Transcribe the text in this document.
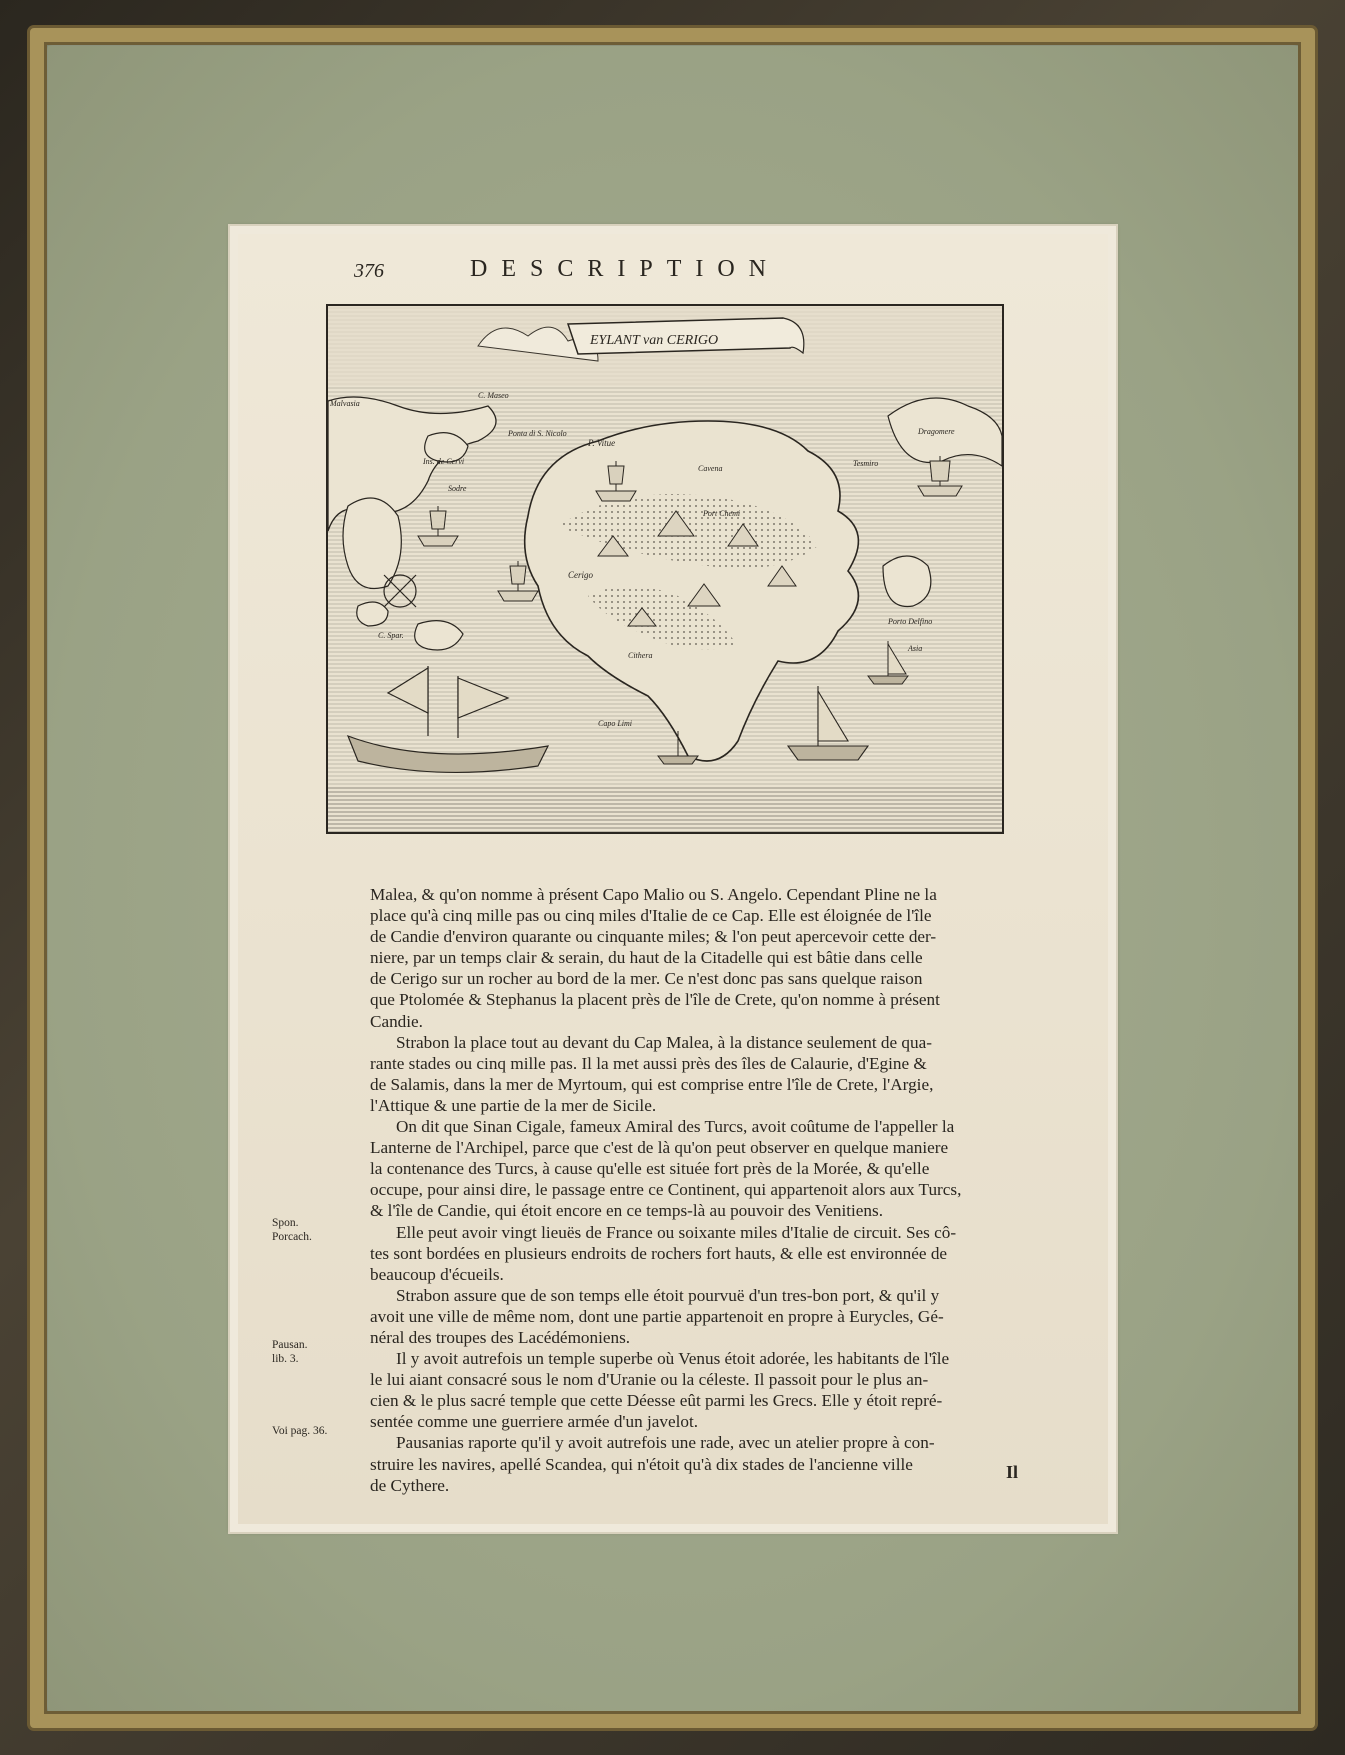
376	DESCRIPTION
EYLANT van CERIGO
Malvasia
C. Maseo
Ponta di S. Nicolo
P. Vitue
Ins. de Cervi
Sodre
Cavena
Tesmiro
Dragomere
Port Chemi
Cerigo
C. Spar.
Porto Delfino
Asia
Cithera
Capo Limi

Malea, & qu'on nomme à présent Capo Malio ou S. Angelo. Cependant Pline ne la

place qu'à cinq mille pas ou cinq miles d'Italie de ce Cap. Elle est éloignée de l'île

de Candie d'environ quarante ou cinquante miles; & l'on peut apercevoir cette der-

niere, par un temps clair & serain, du haut de la Citadelle qui est bâtie dans celle

de Cerigo sur un rocher au bord de la mer. Ce n'est donc pas sans quelque raison

que Ptolomée & Stephanus la placent près de l'île de Crete, qu'on nomme à présent

Candie.

Strabon la place tout au devant du Cap Malea, à la distance seulement de qua-

rante stades ou cinq mille pas. Il la met aussi près des îles de Calaurie, d'Egine &

de Salamis, dans la mer de Myrtoum, qui est comprise entre l'île de Crete, l'Argie,

l'Attique & une partie de la mer de Sicile.

On dit que Sinan Cigale, fameux Amiral des Turcs, avoit coûtume de l'appeller la

Lanterne de l'Archipel, parce que c'est de là qu'on peut observer en quelque maniere

la contenance des Turcs, à cause qu'elle est située fort près de la Morée, & qu'elle

occupe, pour ainsi dire, le passage entre ce Continent, qui appartenoit alors aux Turcs,

& l'île de Candie, qui étoit encore en ce temps-là au pouvoir des Venitiens.

Elle peut avoir vingt lieuës de France ou soixante miles d'Italie de circuit. Ses cô-

tes sont bordées en plusieurs endroits de rochers fort hauts, & elle est environnée de

beaucoup d'écueils.

Strabon assure que de son temps elle étoit pourvuë d'un tres-bon port, & qu'il y

avoit une ville de même nom, dont une partie appartenoit en propre à Eurycles, Gé-

néral des troupes des Lacédémoniens.

Il y avoit autrefois un temple superbe où Venus étoit adorée, les habitants de l'île

le lui aiant consacré sous le nom d'Uranie ou la céleste. Il passoit pour le plus an-

cien & le plus sacré temple que cette Déesse eût parmi les Grecs. Elle y étoit repré-

sentée comme une guerriere armée d'un javelot.

Pausanias raporte qu'il y avoit autrefois une rade, avec un atelier propre à con-

struire les navires, apellé Scandea, qui n'étoit qu'à dix stades de l'ancienne ville

de Cythere.

Spon.
Porcach.
Pausan.
lib. 3.
Voi pag. 36.
Il
